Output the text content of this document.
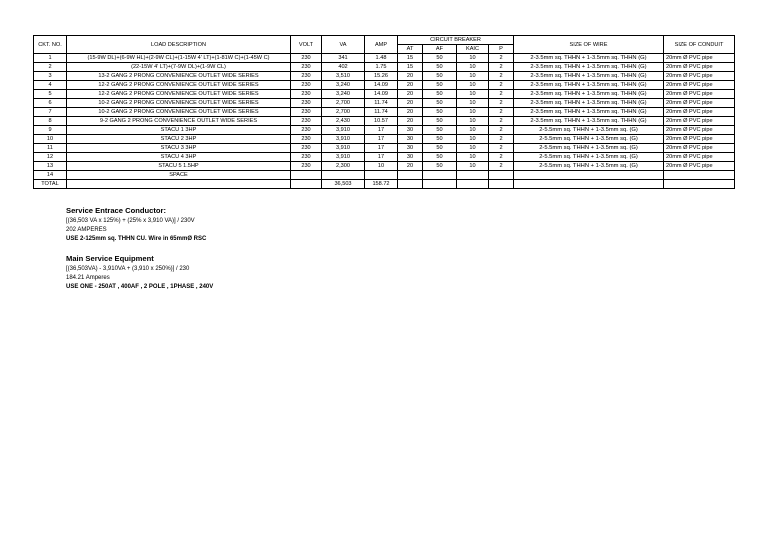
CKT. NO.	LOAD DESCRIPTION	VOLT	VA	AMP	CIRCUIT BREAKER				SIZE OF WIRE	SIZE OF CONDUIT
					AT	AF	KAIC	P		
1	(15-9W DL)+(6-9W HL)+(2-9W CL)+(1-15W 4' LT)+(1-81W C)+(1-45W C)	230	341	1.48	15	50	10	2	2-3.5mm sq. THHN + 1-3.5mm sq. THHN (G)	20mm Ø PVC pipe
2	(22-15W 4' LT)+(7-9W DL)+(1-9W CL)	230	402	1.75	15	50	10	2	2-3.5mm sq. THHN + 1-3.5mm sq. THHN (G)	20mm Ø PVC pipe
3	13-2 GANG 2 PRONG CONVENIENCE OUTLET WIDE SERIES	230	3,510	15.26	20	50	10	2	2-3.5mm sq. THHN + 1-3.5mm sq. THHN (G)	20mm Ø PVC pipe
4	12-2 GANG 2 PRONG CONVENIENCE OUTLET WIDE SERIES	230	3,240	14.09	20	50	10	2	2-3.5mm sq. THHN + 1-3.5mm sq. THHN (G)	20mm Ø PVC pipe
5	12-2 GANG 2 PRONG CONVENIENCE OUTLET WIDE SERIES	230	3,240	14.09	20	50	10	2	2-3.5mm sq. THHN + 1-3.5mm sq. THHN (G)	20mm Ø PVC pipe
6	10-2 GANG 2 PRONG CONVENIENCE OUTLET WIDE SERIES	230	2,700	11.74	20	50	10	2	2-3.5mm sq. THHN + 1-3.5mm sq. THHN (G)	20mm Ø PVC pipe
7	10-2 GANG 2 PRONG CONVENIENCE OUTLET WIDE SERIES	230	2,700	11.74	20	50	10	2	2-3.5mm sq. THHN + 1-3.5mm sq. THHN (G)	20mm Ø PVC pipe
8	9-2 GANG 2 PRONG CONVENIENCE OUTLET WIDE SERIES	230	2,430	10.57	20	50	10	2	2-3.5mm sq. THHN + 1-3.5mm sq. THHN (G)	20mm Ø PVC pipe
9	STACU 1 3HP	230	3,910	17	30	50	10	2	2-5.5mm sq. THHN + 1-3.5mm sq. (G)	20mm Ø PVC pipe
10	STACU 2 3HP	230	3,910	17	30	50	10	2	2-5.5mm sq. THHN + 1-3.5mm sq. (G)	20mm Ø PVC pipe
11	STACU 3 3HP	230	3,910	17	30	50	10	2	2-5.5mm sq. THHN + 1-3.5mm sq. (G)	20mm Ø PVC pipe
12	STACU 4 3HP	230	3,910	17	30	50	10	2	2-5.5mm sq. THHN + 1-3.5mm sq. (G)	20mm Ø PVC pipe
13	STACU 5 1.5HP	230	2,300	10	20	50	10	2	2-5.5mm sq. THHN + 1-3.5mm sq. (G)	20mm Ø PVC pipe
14	SPACE									
TOTAL			36,503	158.72						
Service Entrace Conductor:
[(36,503 VA x 125%) + (25% x 3,910 VA)] / 230V
202 AMPERES
USE 2-125mm sq. THHN CU. Wire in 65mmØ RSC
Main Service Equipment
[(36,503VA) - 3,910VA + (3,910 x 250%)] / 230
184.21 Amperes
USE ONE - 250AT , 400AF , 2 POLE , 1PHASE , 240V
